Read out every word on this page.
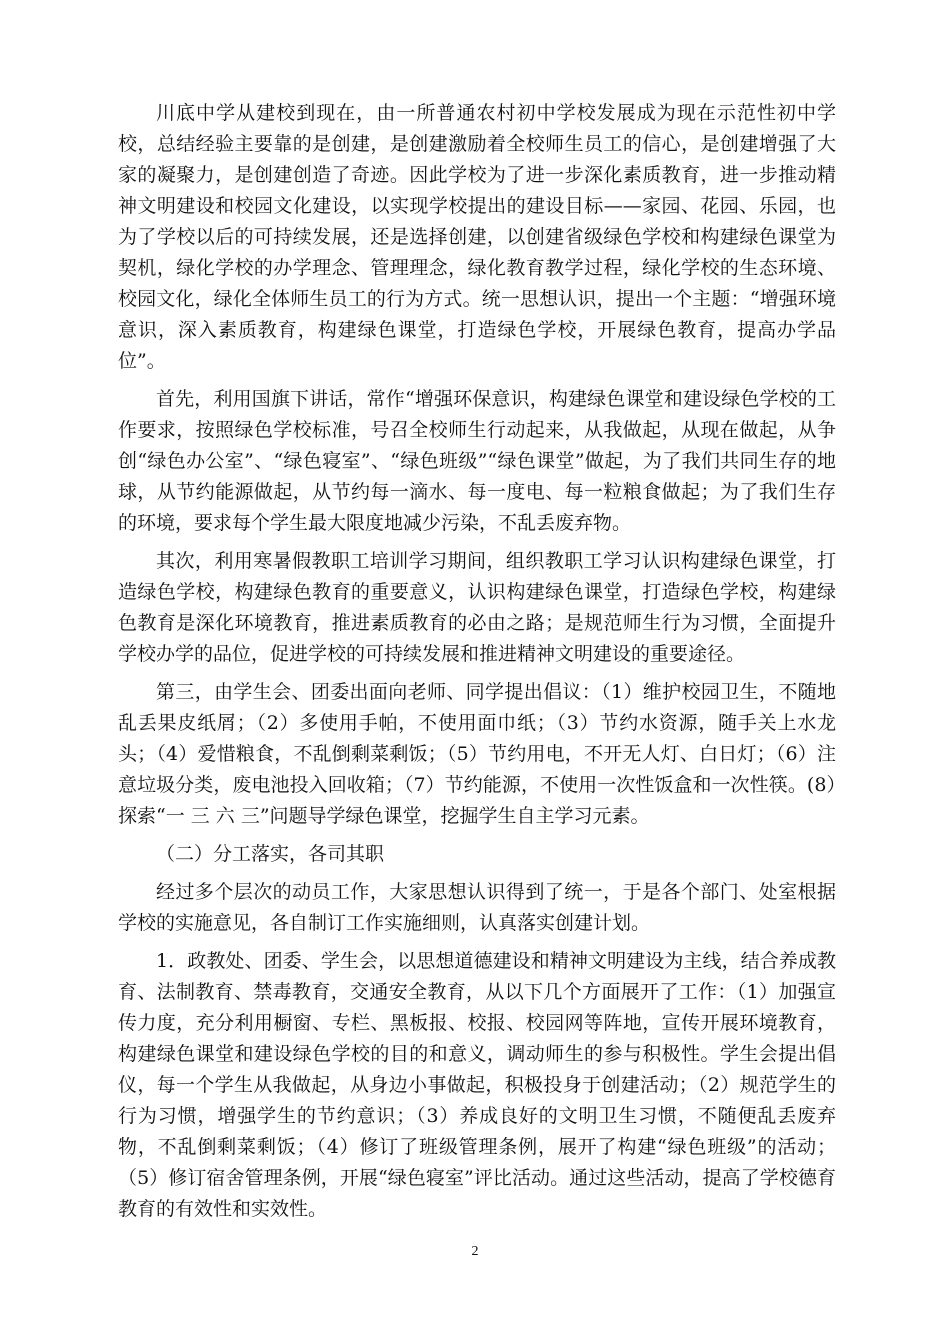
川底中学从建校到现在，由一所普通农村初中学校发展成为现在示范性初中学校，总结经验主要靠的是创建，是创建激励着全校师生员工的信心，是创建增强了大家的凝聚力，是创建创造了奇迹。因此学校为了进一步深化素质教育，进一步推动精神文明建设和校园文化建设，以实现学校提出的建设目标——家园、花园、乐园，也为了学校以后的可持续发展，还是选择创建，以创建省级绿色学校和构建绿色课堂为契机，绿化学校的办学理念、管理理念，绿化教育教学过程，绿化学校的生态环境、校园文化，绿化全体师生员工的行为方式。统一思想认识，提出一个主题：“增强环境意识，深入素质教育，构建绿色课堂，打造绿色学校，开展绿色教育，提高办学品位”。

首先，利用国旗下讲话，常作“增强环保意识，构建绿色课堂和建设绿色学校的工作要求，按照绿色学校标准，号召全校师生行动起来，从我做起，从现在做起，从争创“绿色办公室”、“绿色寝室”、“绿色班级”“绿色课堂”做起，为了我们共同生存的地球，从节约能源做起，从节约每一滴水、每一度电、每一粒粮食做起；为了我们生存的环境，要求每个学生最大限度地减少污染，不乱丢废弃物。

其次，利用寒暑假教职工培训学习期间，组织教职工学习认识构建绿色课堂，打造绿色学校，构建绿色教育的重要意义，认识构建绿色课堂，打造绿色学校，构建绿色教育是深化环境教育，推进素质教育的必由之路；是规范师生行为习惯，全面提升学校办学的品位，促进学校的可持续发展和推进精神文明建设的重要途径。

第三，由学生会、团委出面向老师、同学提出倡议：（1）维护校园卫生，不随地乱丢果皮纸屑；（2）多使用手帕，不使用面巾纸；（3）节约水资源，随手关上水龙头；（4）爱惜粮食，不乱倒剩菜剩饭；（5）节约用电，不开无人灯、白日灯；（6）注意垃圾分类，废电池投入回收箱；（7）节约能源，不使用一次性饭盒和一次性筷。(8）探索“一 三 六 三”问题导学绿色课堂，挖掘学生自主学习元素。

（二）分工落实，各司其职

经过多个层次的动员工作，大家思想认识得到了统一，于是各个部门、处室根据学校的实施意见，各自制订工作实施细则，认真落实创建计划。

1．政教处、团委、学生会，以思想道德建设和精神文明建设为主线，结合养成教育、法制教育、禁毒教育，交通安全教育，从以下几个方面展开了工作：（1）加强宣传力度，充分利用橱窗、专栏、黑板报、校报、校园网等阵地，宣传开展环境教育，构建绿色课堂和建设绿色学校的目的和意义，调动师生的参与积极性。学生会提出倡仪，每一个学生从我做起，从身边小事做起，积极投身于创建活动；（2）规范学生的行为习惯，增强学生的节约意识；（3）养成良好的文明卫生习惯，不随便乱丢废弃物，不乱倒剩菜剩饭；（4）修订了班级管理条例，展开了构建“绿色班级”的活动；（5）修订宿舍管理条例，开展“绿色寝室”评比活动。通过这些活动，提高了学校德育教育的有效性和实效性。

2
